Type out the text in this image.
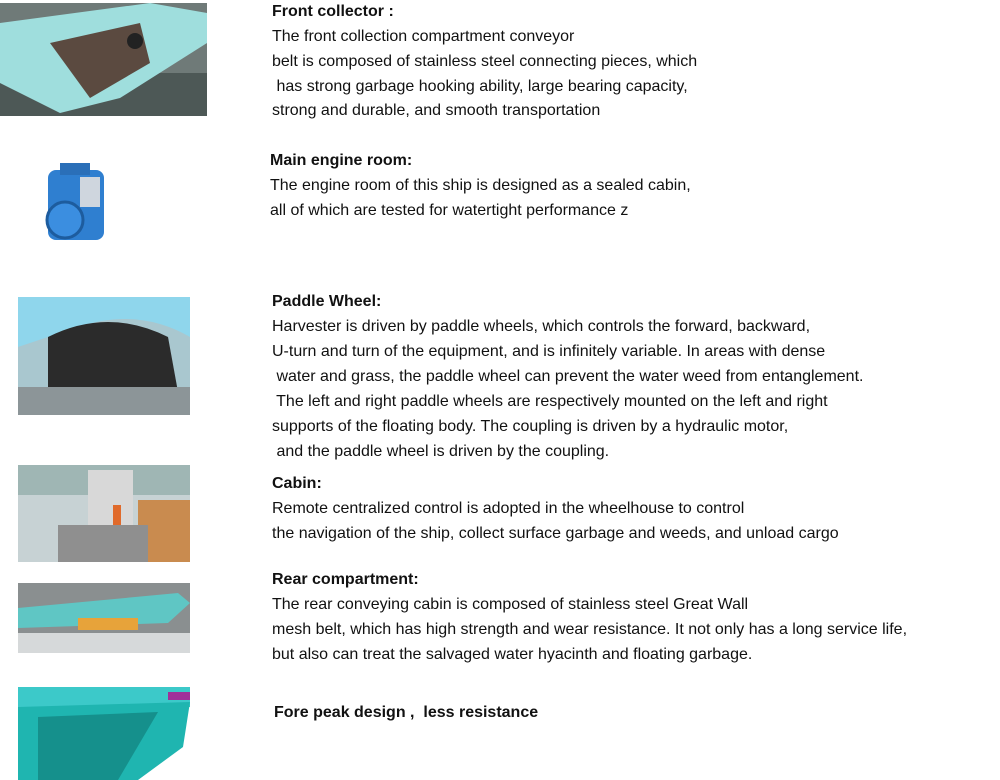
Front collector :
The front collection compartment conveyor
belt is composed of stainless steel connecting pieces, which
has strong garbage hooking ability, large bearing capacity,
strong and durable, and smooth transportation
Main engine room:
The engine room of this ship is designed as a sealed cabin,
all of which are tested for watertight performance z
Paddle Wheel:
Harvester is driven by paddle wheels, which controls the forward, backward,
U-turn and turn of the equipment, and is infinitely variable. In areas with dense
water and grass, the paddle wheel can prevent the water weed from entanglement.
The left and right paddle wheels are respectively mounted on the left and right
supports of the floating body. The coupling is driven by a hydraulic motor,
and the paddle wheel is driven by the coupling.
Cabin:
Remote centralized control is adopted in the wheelhouse to control
the navigation of the ship, collect surface garbage and weeds, and unload cargo
Rear compartment:
The rear conveying cabin is composed of stainless steel Great Wall
mesh belt, which has high strength and wear resistance. It not only has a long service life,
but also can treat the salvaged water hyacinth and floating garbage.
Fore peak design ,  less resistance
